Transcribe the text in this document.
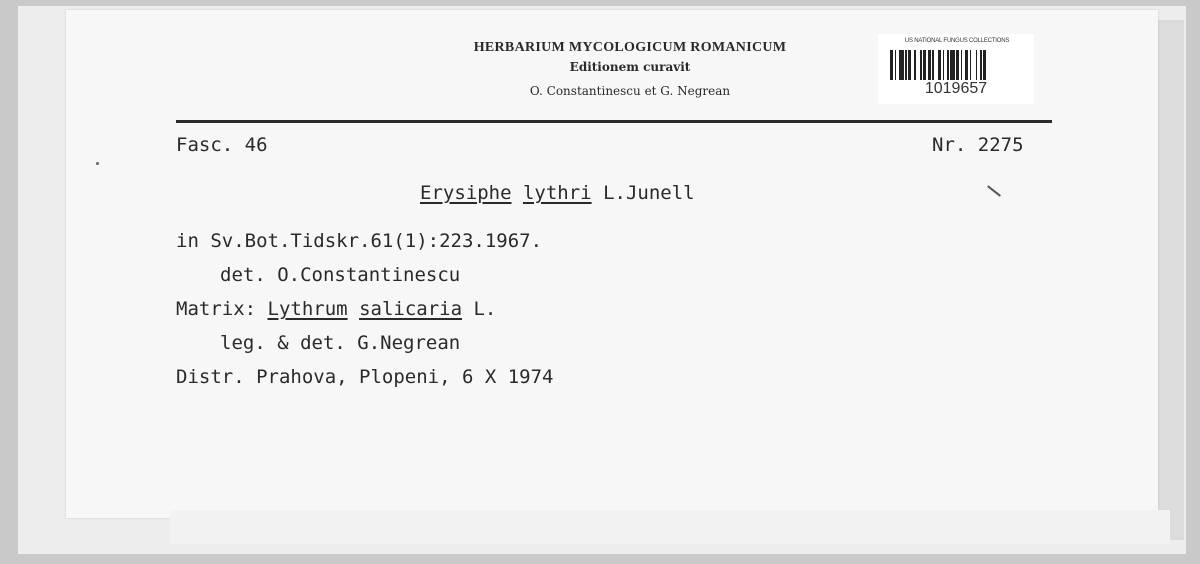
HERBARIUM MYCOLOGICUM ROMANICUM
Editionem curavit
O. Constantinescu et G. Negrean
US NATIONAL FUNGUS COLLECTIONS
1019657
Fasc. 46	Nr. 2275
Erysiphe lythri L.Junell
in Sv.Bot.Tidskr.61(1):223.1967.
det. O.Constantinescu
Matrix: Lythrum salicaria L.
leg. & det. G.Negrean
Distr. Prahova, Plopeni, 6 X 1974
